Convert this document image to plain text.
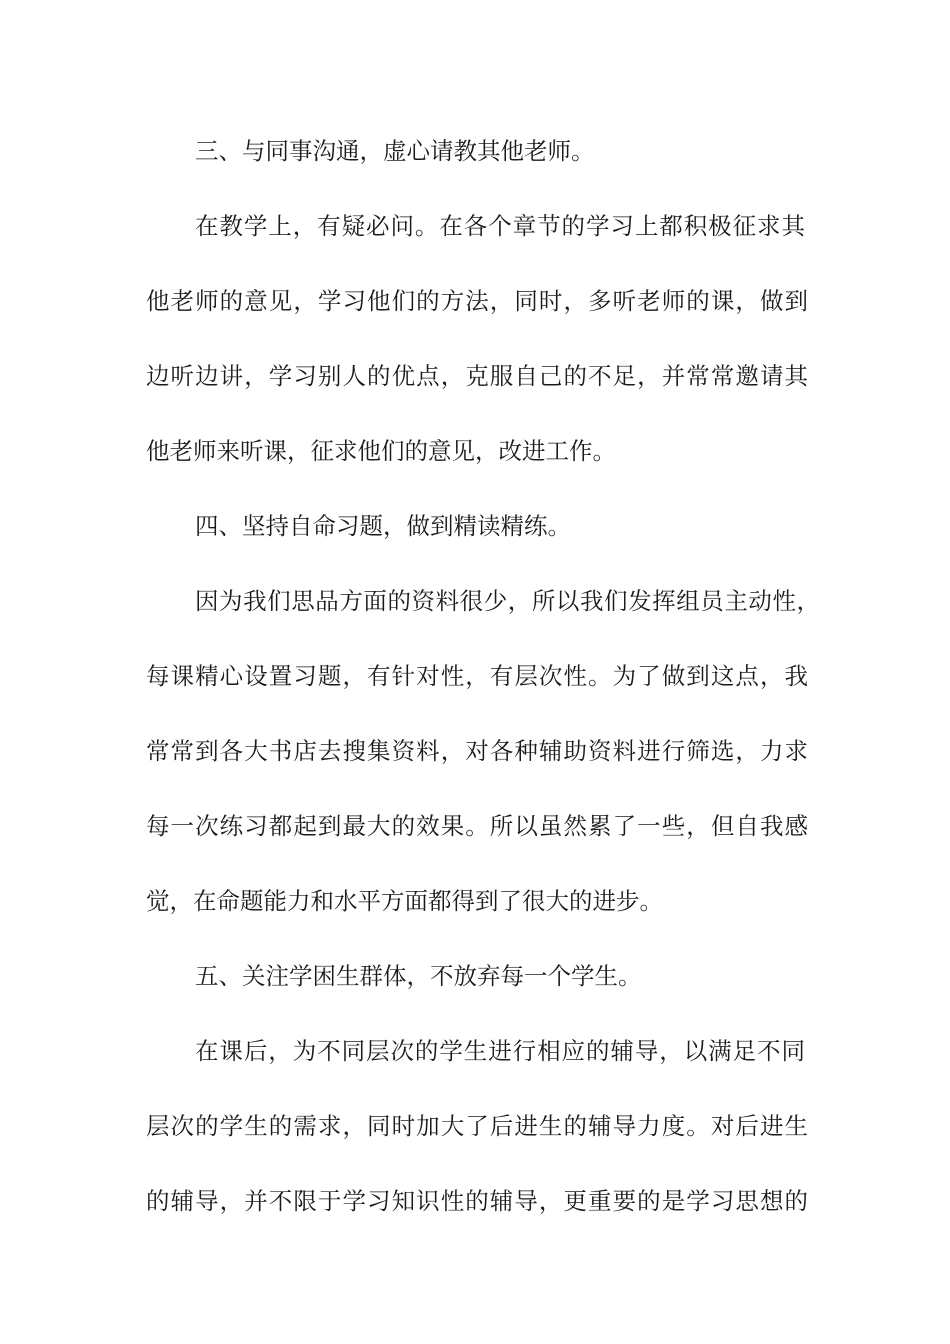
三、与同事沟通，虚心请教其他老师。
在教学上，有疑必问。在各个章节的学习上都积极征求其
他老师的意见，学习他们的方法，同时，多听老师的课，做到
边听边讲，学习别人的优点，克服自己的不足，并常常邀请其
他老师来听课，征求他们的意见，改进工作。
四、坚持自命习题，做到精读精练。
因为我们思品方面的资料很少，所以我们发挥组员主动性，
每课精心设置习题，有针对性，有层次性。为了做到这点，我
常常到各大书店去搜集资料，对各种辅助资料进行筛选，力求
每一次练习都起到最大的效果。所以虽然累了一些，但自我感
觉，在命题能力和水平方面都得到了很大的进步。
五、关注学困生群体，不放弃每一个学生。
在课后，为不同层次的学生进行相应的辅导，以满足不同
层次的学生的需求，同时加大了后进生的辅导力度。对后进生
的辅导，并不限于学习知识性的辅导，更重要的是学习思想的
